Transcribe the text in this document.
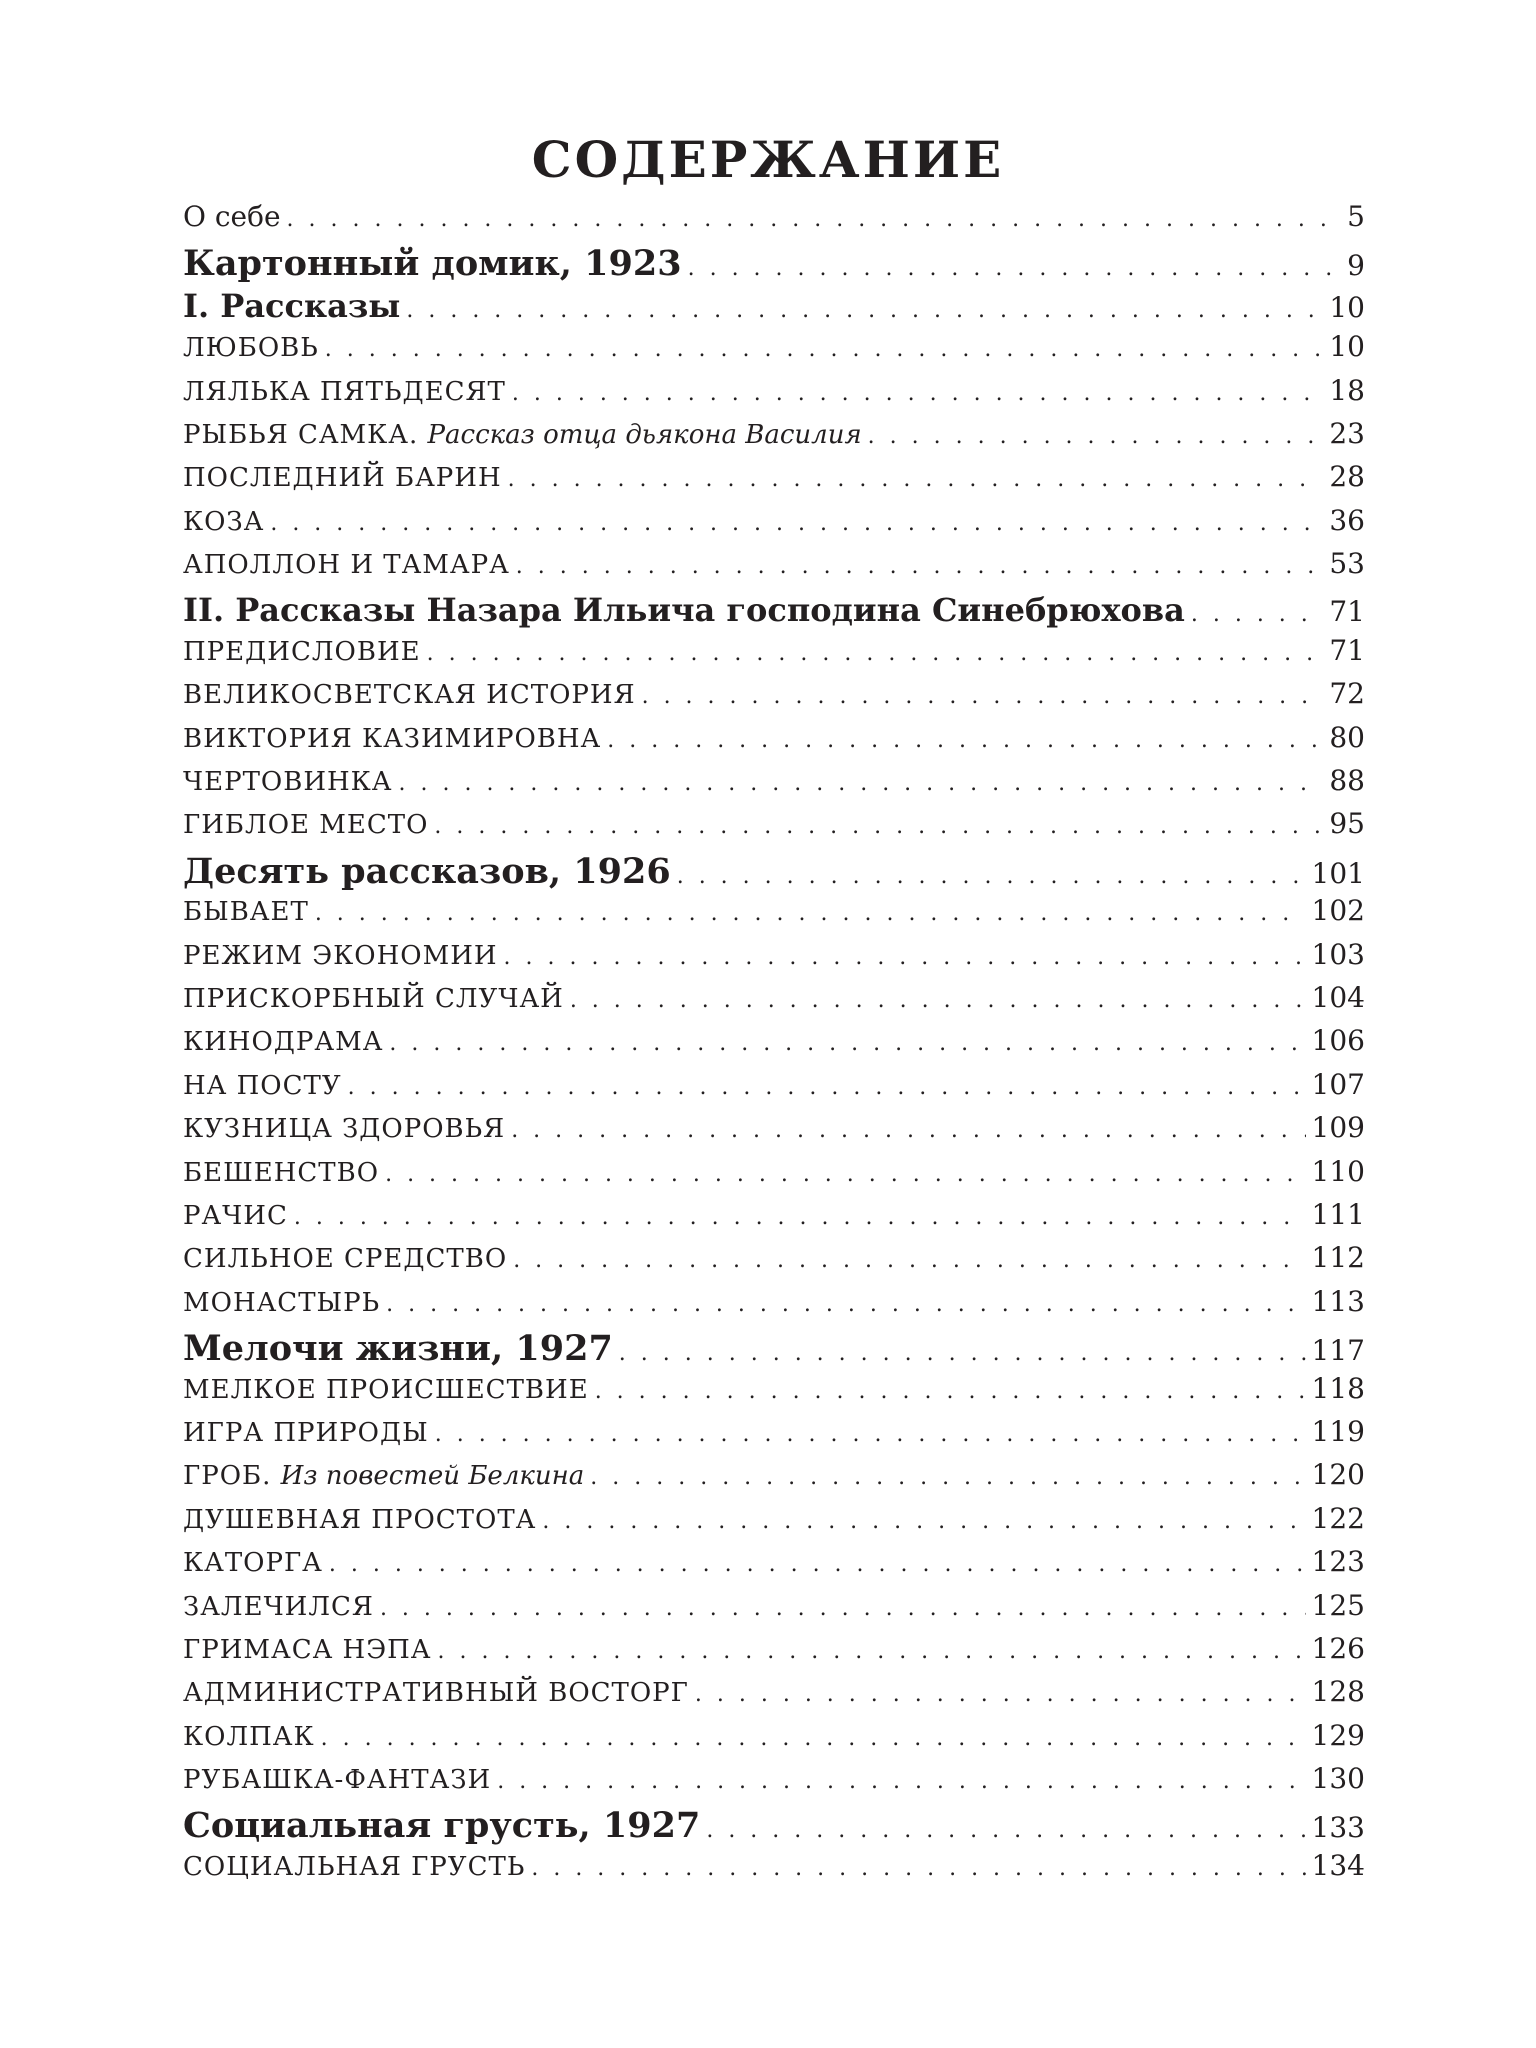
СОДЕРЖАНИЕ
О себе . . .	5
Картонный домик, 1923 . . .	9
I. Рассказы . . .	10
ЛЮБОВЬ . . .	10
ЛЯЛЬКА ПЯТЬДЕСЯТ . . .	18
РЫБЬЯ САМКА. Рассказ отца дьякона Василия . . .	23
ПОСЛЕДНИЙ БАРИН . . .	28
КОЗА . . .	36
АПОЛЛОН И ТАМАРА . . .	53
II. Рассказы Назара Ильича господина Синебрюхова . . .	71
ПРЕДИСЛОВИЕ . . .	71
ВЕЛИКОСВЕТСКАЯ ИСТОРИЯ . . .	72
ВИКТОРИЯ КАЗИМИРОВНА . . .	80
ЧЕРТОВИНКА . . .	88
ГИБЛОЕ МЕСТО . . .	95
Десять рассказов, 1926 . . .	101
БЫВАЕТ . . .	102
РЕЖИМ ЭКОНОМИИ . . .	103
ПРИСКОРБНЫЙ СЛУЧАЙ . . .	104
КИНОДРАМА . . .	106
НА ПОСТУ . . .	107
КУЗНИЦА ЗДОРОВЬЯ . . .	109
БЕШЕНСТВО . . .	110
РАЧИС . . .	111
СИЛЬНОЕ СРЕДСТВО . . .	112
МОНАСТЫРЬ . . .	113
Мелочи жизни, 1927 . . .	117
МЕЛКОЕ ПРОИСШЕСТВИЕ . . .	118
ИГРА ПРИРОДЫ . . .	119
ГРОБ. Из повестей Белкина . . .	120
ДУШЕВНАЯ ПРОСТОТА . . .	122
КАТОРГА . . .	123
ЗАЛЕЧИЛСЯ . . .	125
ГРИМАСА НЭПА . . .	126
АДМИНИСТРАТИВНЫЙ ВОСТОРГ . . .	128
КОЛПАК . . .	129
РУБАШКА-ФАНТАЗИ . . .	130
Социальная грусть, 1927 . . .	133
СОЦИАЛЬНАЯ ГРУСТЬ . . .	134
